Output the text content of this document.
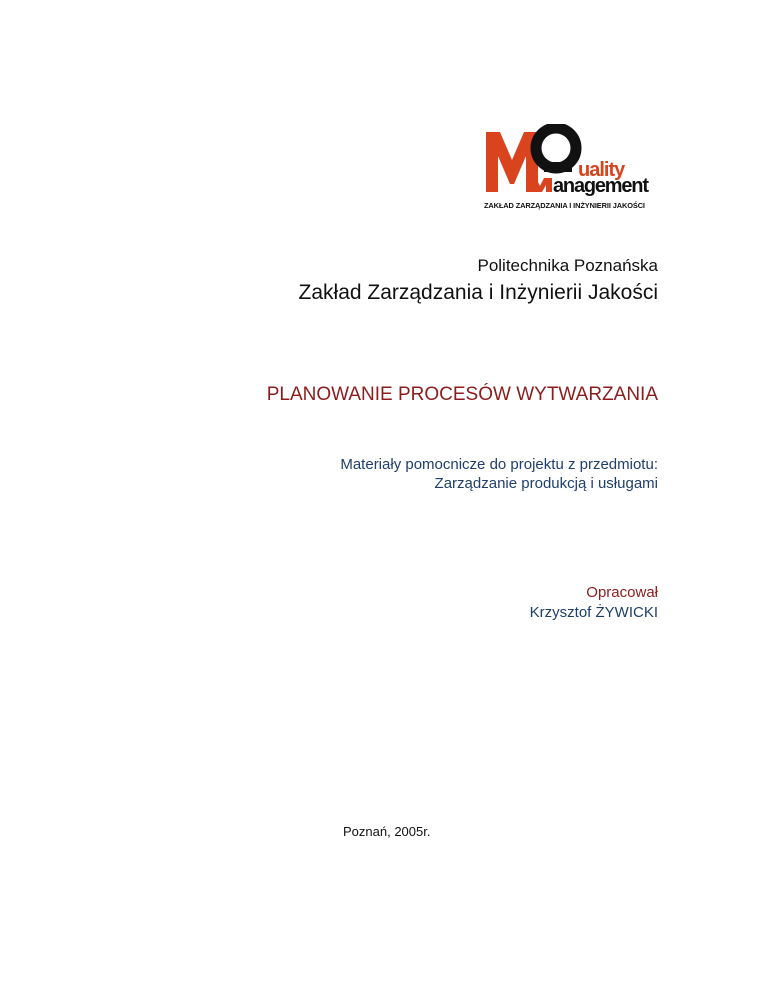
uality
anagement
ZAKŁAD ZARZĄDZANIA I INŻYNIERII JAKOŚCI
Politechnika Poznańska
Zakład Zarządzania i Inżynierii Jakości
PLANOWANIE PROCESÓW WYTWARZANIA
Materiały pomocnicze do projektu z przedmiotu:
Zarządzanie produkcją i usługami
Opracował
Krzysztof ŻYWICKI
Poznań, 2005r.
